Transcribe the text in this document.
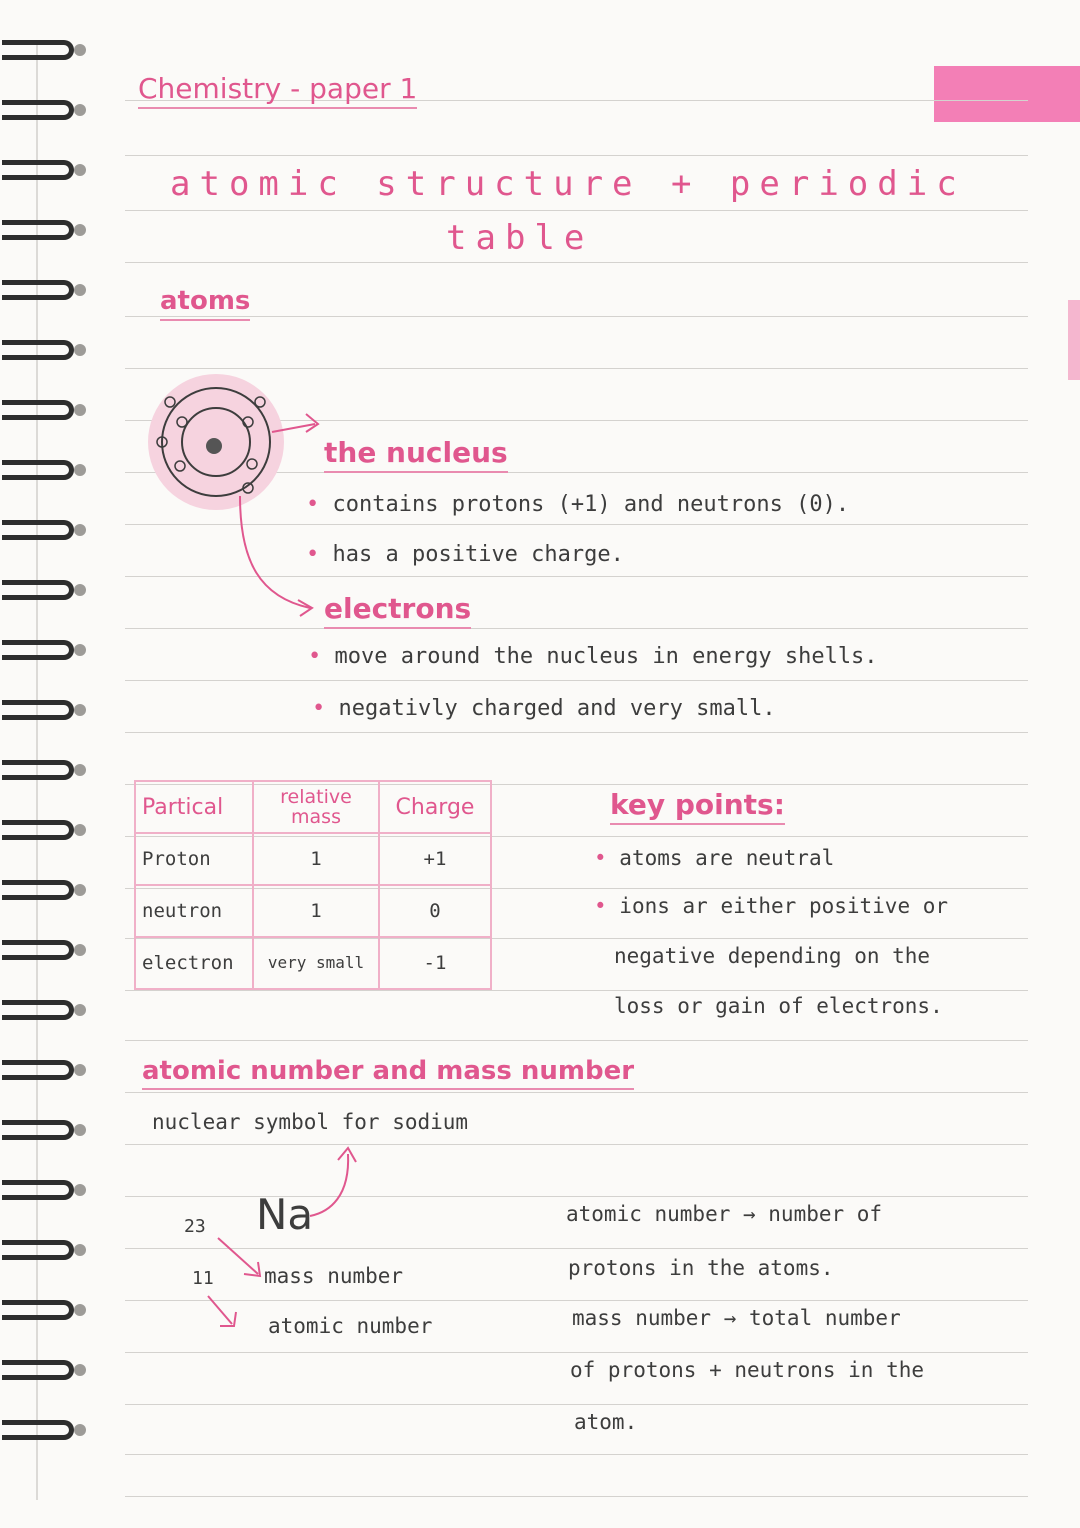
Chemistry - paper 1
atomic structure + periodic
table
atoms
the nucleus
• contains protons (+1) and neutrons (0).
• has a positive charge.
electrons
• move around the nucleus in energy shells.
• negativly charged and very small.
Partical	relative mass	Charge
Proton	1	+1
neutron	1	0
electron	very small	-1
key points:
• atoms are neutral
• ions ar either positive or
negative depending on the
loss or gain of electrons.
atomic number and mass number
nuclear symbol for sodium
23 Na
11 mass number
atomic number
atomic number → number of
protons in the atoms.
mass number → total number
of protons + neutrons in the
atom.
